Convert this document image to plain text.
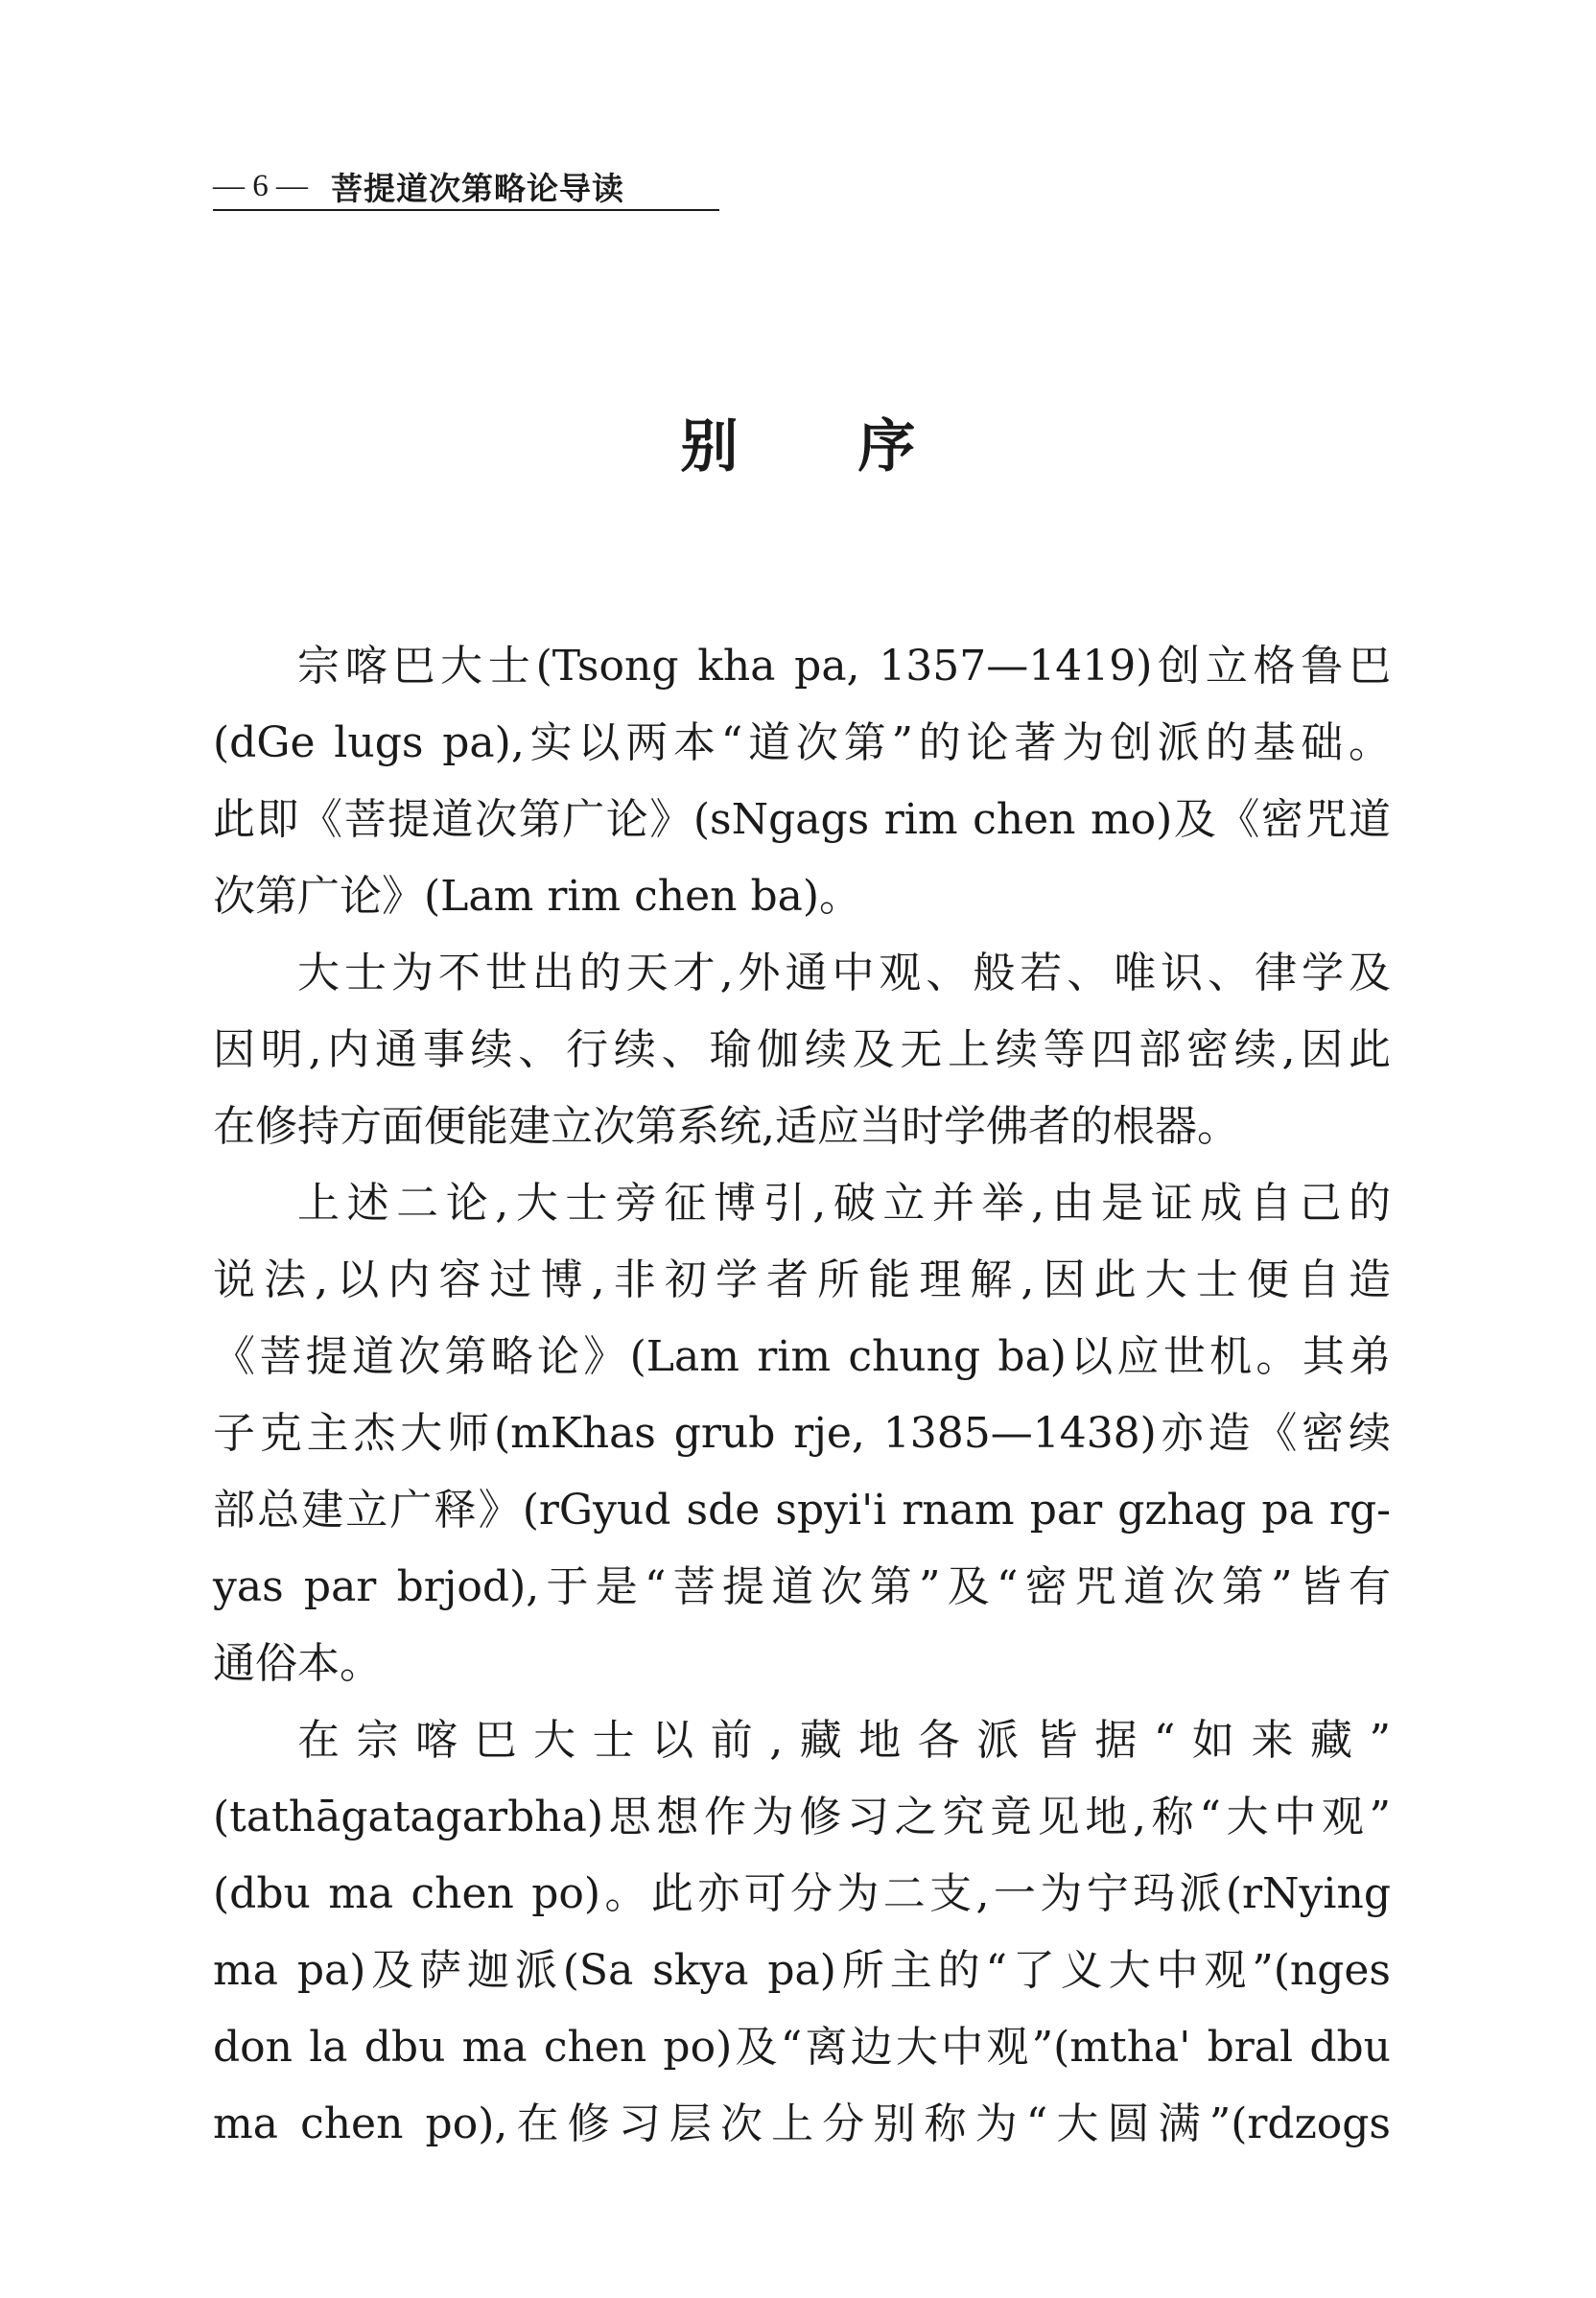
— 6 — 菩提道次第略论导读
别 序

宗喀巴大士(Tsong kha pa, 1357—1419)创立格鲁巴
(dGe lugs pa),实以两本“道次第”的论著为创派的基础。
此即《菩提道次第广论》(sNgags rim chen mo)及《密咒道
次第广论》(Lam rim chen ba)。

大士为不世出的天才,外通中观、般若、唯识、律学及
因明,内通事续、行续、瑜伽续及无上续等四部密续,因此
在修持方面便能建立次第系统,适应当时学佛者的根器。

上述二论,大士旁征博引,破立并举,由是证成自己的
说法,以内容过博,非初学者所能理解,因此大士便自造
《菩提道次第略论》(Lam rim chung ba)以应世机。其弟
子克主杰大师(mKhas grub rje, 1385—1438)亦造《密续
部总建立广释》(rGyud sde spyi'i rnam par gzhag pa rg-
yas par brjod),于是“菩提道次第”及“密咒道次第”皆有
通俗本。

在宗喀巴大士以前,藏地各派皆据“如来藏”
(tathāgatagarbha)思想作为修习之究竟见地,称“大中观”
(dbu ma chen po)。此亦可分为二支,一为宁玛派(rNying
ma pa)及萨迦派(Sa skya pa)所主的“了义大中观”(nges
don la dbu ma chen po)及“离边大中观”(mtha' bral dbu
ma chen po),在修习层次上分别称为“大圆满”(rdzogs
